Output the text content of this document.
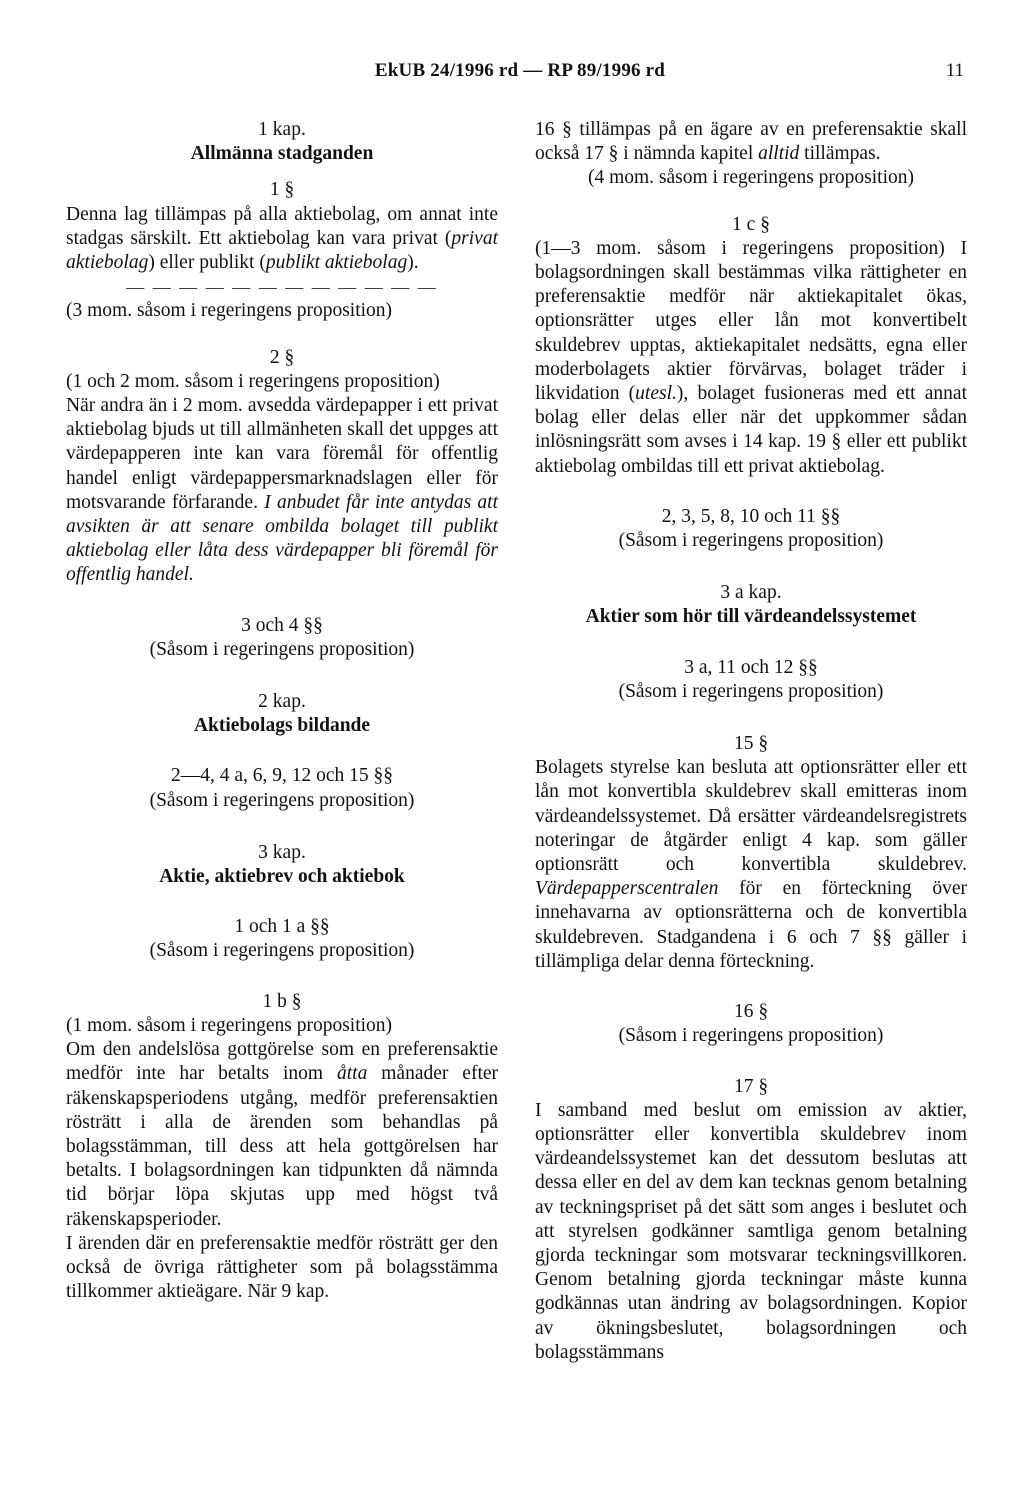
EkUB 24/1996 rd — RP 89/1996 rd	11

1 kap.

Allmänna stadganden

1 §

Denna lag tillämpas på alla aktiebolag, om annat inte stadgas särskilt. Ett aktiebolag kan vara privat (privat aktiebolag) eller publikt (publikt aktiebolag).

— — — — — — — — — — — —

(3 mom. såsom i regeringens proposition)

2 §

(1 och 2 mom. såsom i regeringens proposition)

När andra än i 2 mom. avsedda värdepapper i ett privat aktiebolag bjuds ut till allmänheten skall det uppges att värdepapperen inte kan vara föremål för offentlig handel enligt värdepappersmarknadslagen eller för motsvarande förfarande. I anbudet får inte antydas att avsikten är att senare ombilda bolaget till publikt aktiebolag eller låta dess värdepapper bli föremål för offentlig handel.

3 och 4 §§

(Såsom i regeringens proposition)

2 kap.

Aktiebolags bildande

2—4, 4 a, 6, 9, 12 och 15 §§

(Såsom i regeringens proposition)

3 kap.

Aktie, aktiebrev och aktiebok

1 och 1 a §§

(Såsom i regeringens proposition)

1 b §

(1 mom. såsom i regeringens proposition)

Om den andelslösa gottgörelse som en preferensaktie medför inte har betalts inom åtta månader efter räkenskapsperiodens utgång, medför preferensaktien rösträtt i alla de ärenden som behandlas på bolagsstämman, till dess att hela gottgörelsen har betalts. I bolagsordningen kan tidpunkten då nämnda tid börjar löpa skjutas upp med högst två räkenskapsperioder.

I ärenden där en preferensaktie medför rösträtt ger den också de övriga rättigheter som på bolagsstämma tillkommer aktieägare. När 9 kap.

16 § tillämpas på en ägare av en preferensaktie skall också 17 § i nämnda kapitel alltid tillämpas.

(4 mom. såsom i regeringens proposition)

1 c §

(1—3 mom. såsom i regeringens proposition) I bolagsordningen skall bestämmas vilka rättigheter en preferensaktie medför när aktiekapitalet ökas, optionsrätter utges eller lån mot konvertibelt skuldebrev upptas, aktiekapitalet nedsätts, egna eller moderbolagets aktier förvärvas, bolaget träder i likvidation (utesl.), bolaget fusioneras med ett annat bolag eller delas eller när det uppkommer sådan inlösningsrätt som avses i 14 kap. 19 § eller ett publikt aktiebolag ombildas till ett privat aktiebolag.

2, 3, 5, 8, 10 och 11 §§

(Såsom i regeringens proposition)

3 a kap.

Aktier som hör till värdeandelssystemet

3 a, 11 och 12 §§

(Såsom i regeringens proposition)

15 §

Bolagets styrelse kan besluta att optionsrätter eller ett lån mot konvertibla skuldebrev skall emitteras inom värdeandelssystemet. Då ersätter värdeandelsregistrets noteringar de åtgärder enligt 4 kap. som gäller optionsrätt och konvertibla skuldebrev. Värdepapperscentralen för en förteckning över innehavarna av optionsrätterna och de konvertibla skuldebreven. Stadgandena i 6 och 7 §§ gäller i tillämpliga delar denna förteckning.

16 §

(Såsom i regeringens proposition)

17 §

I samband med beslut om emission av aktier, optionsrätter eller konvertibla skuldebrev inom värdeandelssystemet kan det dessutom beslutas att dessa eller en del av dem kan tecknas genom betalning av teckningspriset på det sätt som anges i beslutet och att styrelsen godkänner samtliga genom betalning gjorda teckningar som motsvarar teckningsvillkoren. Genom betalning gjorda teckningar måste kunna godkännas utan ändring av bolagsordningen. Kopior av ökningsbeslutet, bolagsordningen och bolagsstämmans
